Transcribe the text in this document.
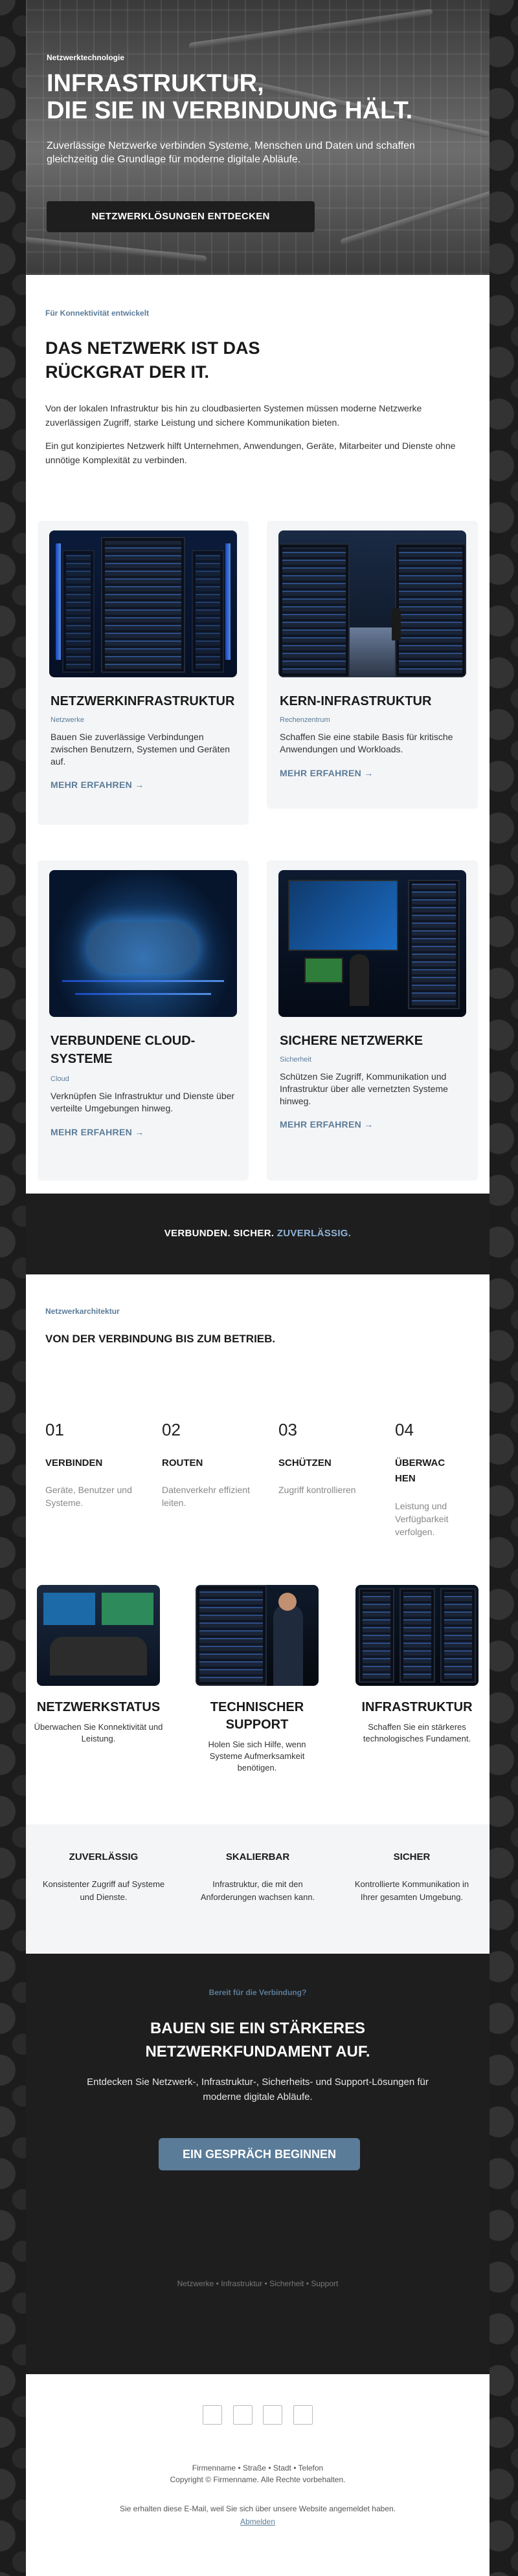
Netzwerktechnologie
INFRASTRUKTUR,
DIE SIE IN VERBINDUNG HÄLT.
Zuverlässige Netzwerke verbinden Systeme, Menschen und Daten und schaffen gleichzeitig die Grundlage für moderne digitale Abläufe.
NETZWERKLÖSUNGEN ENTDECKEN
Für Konnektivität entwickelt
DAS NETZWERK IST DAS RÜCKGRAT DER IT.
Von der lokalen Infrastruktur bis hin zu cloudbasierten Systemen müssen moderne Netzwerke zuverlässigen Zugriff, starke Leistung und sichere Kommunikation bieten.
Ein gut konzipiertes Netzwerk hilft Unternehmen, Anwendungen, Geräte, Mitarbeiter und Dienste ohne unnötige Komplexität zu verbinden.
NETZWERKINFRASTRUKTUR
Netzwerke
Bauen Sie zuverlässige Verbindungen zwischen Benutzern, Systemen und Geräten auf.
MEHR ERFAHREN →
KERN-INFRASTRUKTUR
Rechenzentrum
Schaffen Sie eine stabile Basis für kritische Anwendungen und Workloads.
MEHR ERFAHREN →
VERBUNDENE CLOUD-SYSTEME
Cloud
Verknüpfen Sie Infrastruktur und Dienste über verteilte Umgebungen hinweg.
MEHR ERFAHREN →
SICHERE NETZWERKE
Sicherheit
Schützen Sie Zugriff, Kommunikation und Infrastruktur über alle vernetzten Systeme hinweg.
MEHR ERFAHREN →
VERBUNDEN. SICHER. ZUVERLÄSSIG.
Netzwerkarchitektur
VON DER VERBINDUNG BIS ZUM BETRIEB.
01
VERBINDEN
Geräte, Benutzer und Systeme.
02
ROUTEN
Datenverkehr effizient leiten.
03
SCHÜTZEN
Zugriff kontrollieren
04
ÜBERWACHEN
Leistung und Verfügbarkeit verfolgen.
NETZWERKSTATUS
Überwachen Sie Konnektivität und Leistung.
TECHNISCHER SUPPORT
Holen Sie sich Hilfe, wenn Systeme Aufmerksamkeit benötigen.
INFRASTRUKTUR
Schaffen Sie ein stärkeres technologisches Fundament.
ZUVERLÄSSIG
Konsistenter Zugriff auf Systeme und Dienste.
SKALIERBAR
Infrastruktur, die mit den Anforderungen wachsen kann.
SICHER
Kontrollierte Kommunikation in Ihrer gesamten Umgebung.
Bereit für die Verbindung?
BAUEN SIE EIN STÄRKERES
NETZWERKFUNDAMENT AUF.
Entdecken Sie Netzwerk-, Infrastruktur-, Sicherheits- und Support-Lösungen für moderne digitale Abläufe.
EIN GESPRÄCH BEGINNEN
Netzwerke • Infrastruktur • Sicherheit • Support
Firmenname • Straße • Stadt • Telefon
Copyright © Firmenname. Alle Rechte vorbehalten.
Sie erhalten diese E-Mail, weil Sie sich über unsere Website angemeldet haben.
Abmelden
